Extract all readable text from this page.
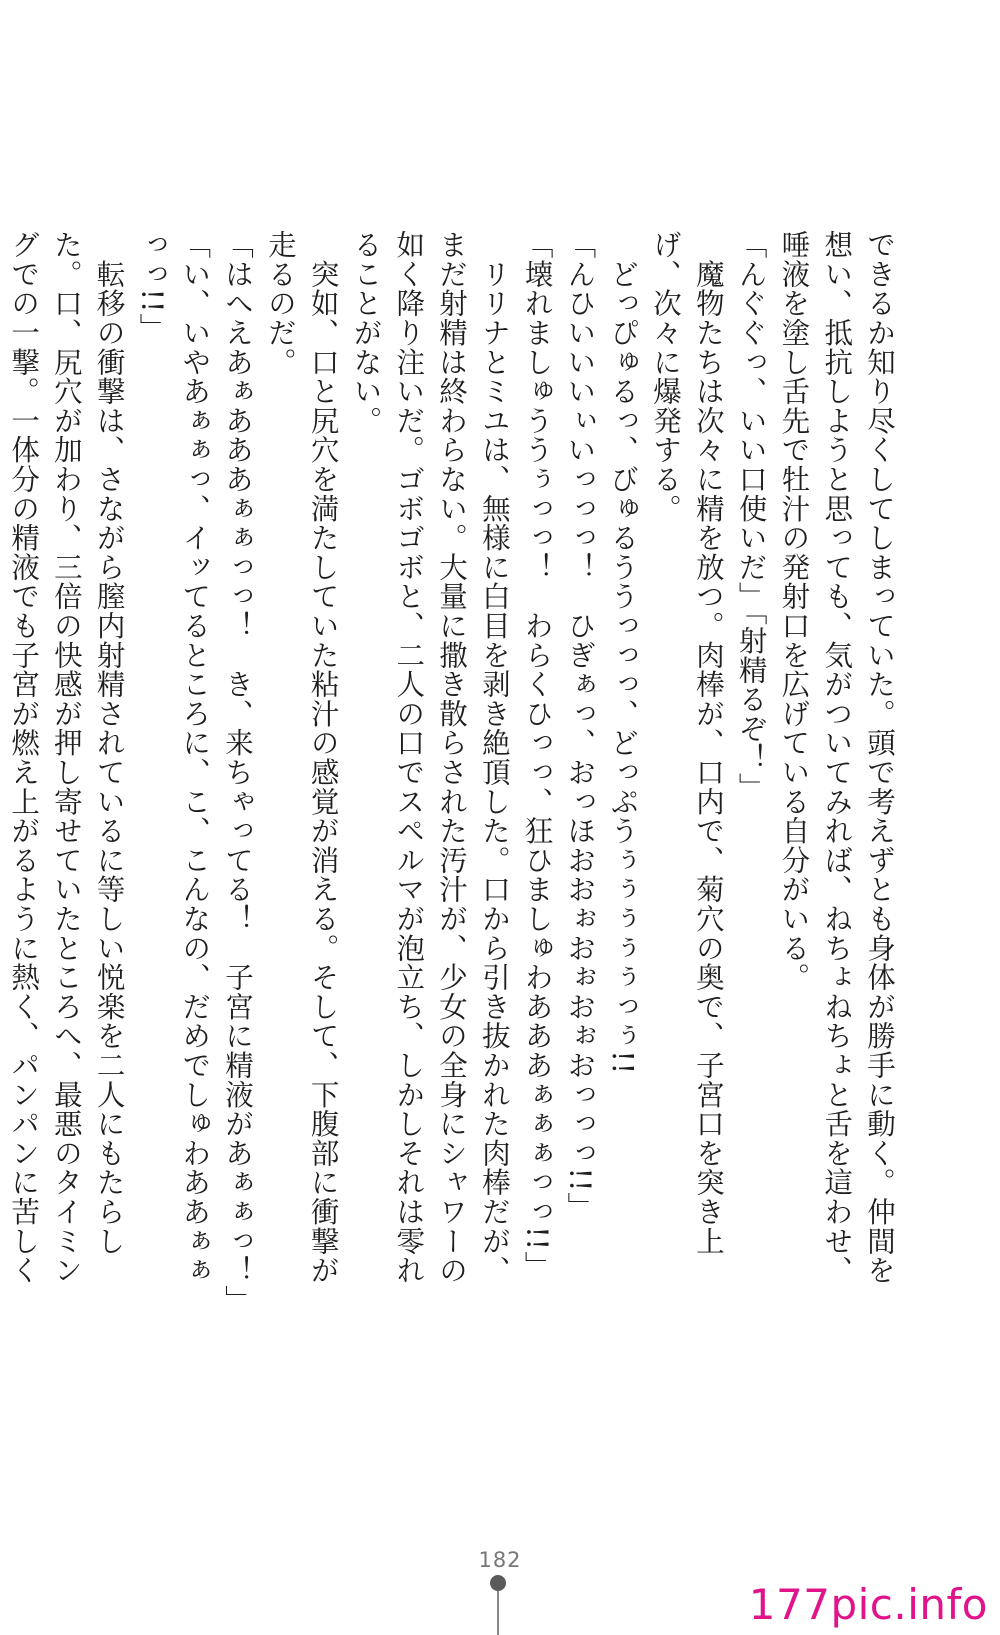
できるか知り尽くしてしまっていた。頭で考えずとも身体が勝手に動く。仲間を想い、抵抗しようと思っても、気がついてみれば、ねちょねちょと舌を這わせ、唾液を塗し舌先で牡汁の発射口を広げている自分がいる。

「んぐぐっ、いい口使いだ」「射精るぞ！」

　魔物たちは次々に精を放つ。肉棒が、口内で、菊穴の奥で、子宮口を突き上げ、次々に爆発する。

　どっぴゅるっ、びゅるううっっっ、どっぷうぅぅぅぅぅっぅ!!

「んひいいいぃいっっっ！　ひぎぁっ、おっほおおぉおぉおぉおっっっ!!」

「壊れましゅううぅっっ！　わらくひっっ、狂ひましゅわあああぁぁぁっっ!!」

　リリナとミユは、無様に白目を剥き絶頂した。口から引き抜かれた肉棒だが、まだ射精は終わらない。大量に撒き散らされた汚汁が、少女の全身にシャワーの如く降り注いだ。ゴボゴボと、二人の口でスペルマが泡立ち、しかしそれは零れることがない。

　突如、口と尻穴を満たしていた粘汁の感覚が消える。そして、下腹部に衝撃が走るのだ。

「はへえあぁあああぁぁっっ！　き、来ちゃってる！　子宮に精液があぁぁっ！」

「い、いやあぁぁっ、イッてるところに、こ、こんなの、だめでしゅわああぁぁっっ!!」

　転移の衝撃は、さながら膣内射精されているに等しい悦楽を二人にもたらした。口、尻穴が加わり、三倍の快感が押し寄せていたところへ、最悪のタイミングでの一撃。一体分の精液でも子宮が燃え上がるように熱く、パンパンに苦しく

182
177pic.info
